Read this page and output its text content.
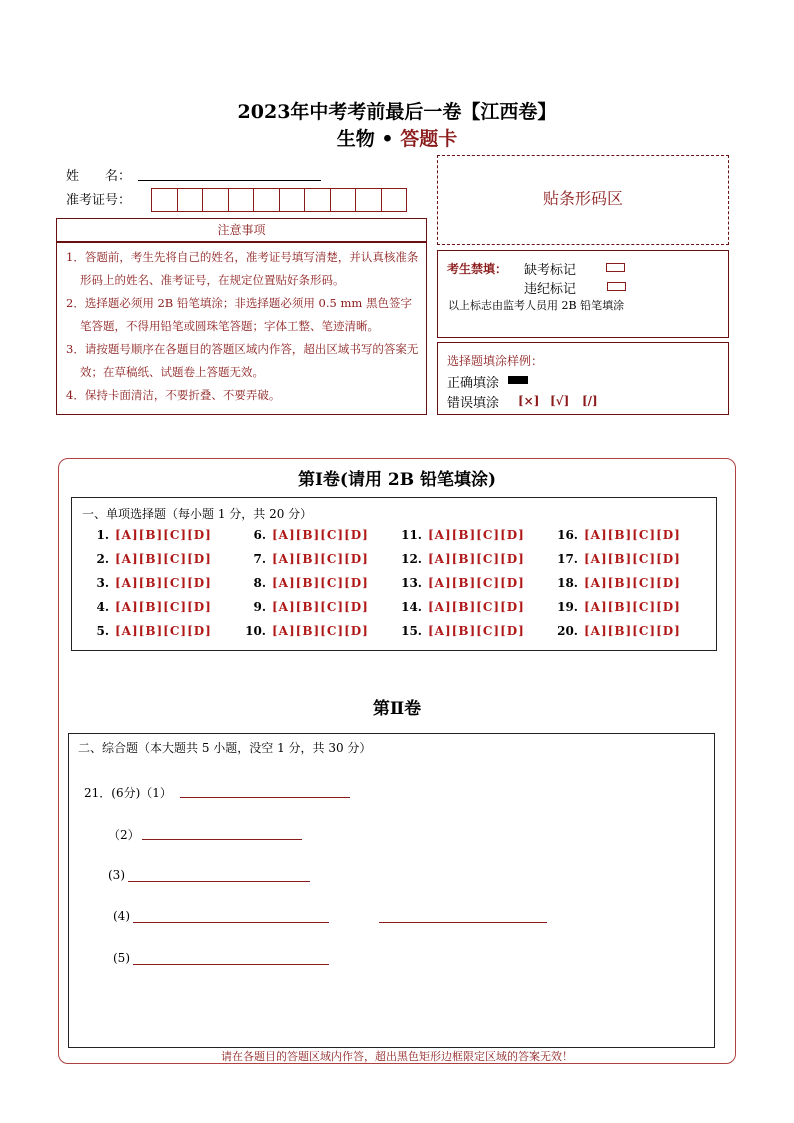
2023年中考考前最后一卷【江西卷】
生物 • 答题卡
姓　　名：
准考证号：
注意事项

1．答题前，考生先将自己的姓名，准考证号填写清楚，并认真核准条形码上的姓名、准考证号，在规定位置贴好条形码。

2．选择题必须用 2B 铅笔填涂；非选择题必须用 0.5 mm 黑色签字笔答题，不得用铅笔或圆珠笔答题；字体工整、笔迹清晰。

3．请按题号顺序在各题目的答题区域内作答，超出区域书写的答案无效；在草稿纸、试题卷上答题无效。

4．保持卡面清洁，不要折叠、不要弄破。

贴条形码区
考生禁填： 缺考标记
违纪标记
以上标志由监考人员用 2B 铅笔填涂
选择题填涂样例：
正确填涂
错误填涂 [×] [√] [/]
第Ⅰ卷(请用 2B 铅笔填涂)
一、单项选择题（每小题 1 分，共 20 分）
1. [A][B][C][D]
2. [A][B][C][D]
3. [A][B][C][D]
4. [A][B][C][D]
5. [A][B][C][D]
6. [A][B][C][D]
7. [A][B][C][D]
8. [A][B][C][D]
9. [A][B][C][D]
10. [A][B][C][D]
11. [A][B][C][D]
12. [A][B][C][D]
13. [A][B][C][D]
14. [A][B][C][D]
15. [A][B][C][D]
16. [A][B][C][D]
17. [A][B][C][D]
18. [A][B][C][D]
19. [A][B][C][D]
20. [A][B][C][D]
第Ⅱ卷
二、综合题（本大题共 5 小题，没空 1 分，共 30 分）
21．(6分)（1）
（2）
(3)
(4)
(5)
请在各题目的答题区域内作答，超出黑色矩形边框限定区域的答案无效！
